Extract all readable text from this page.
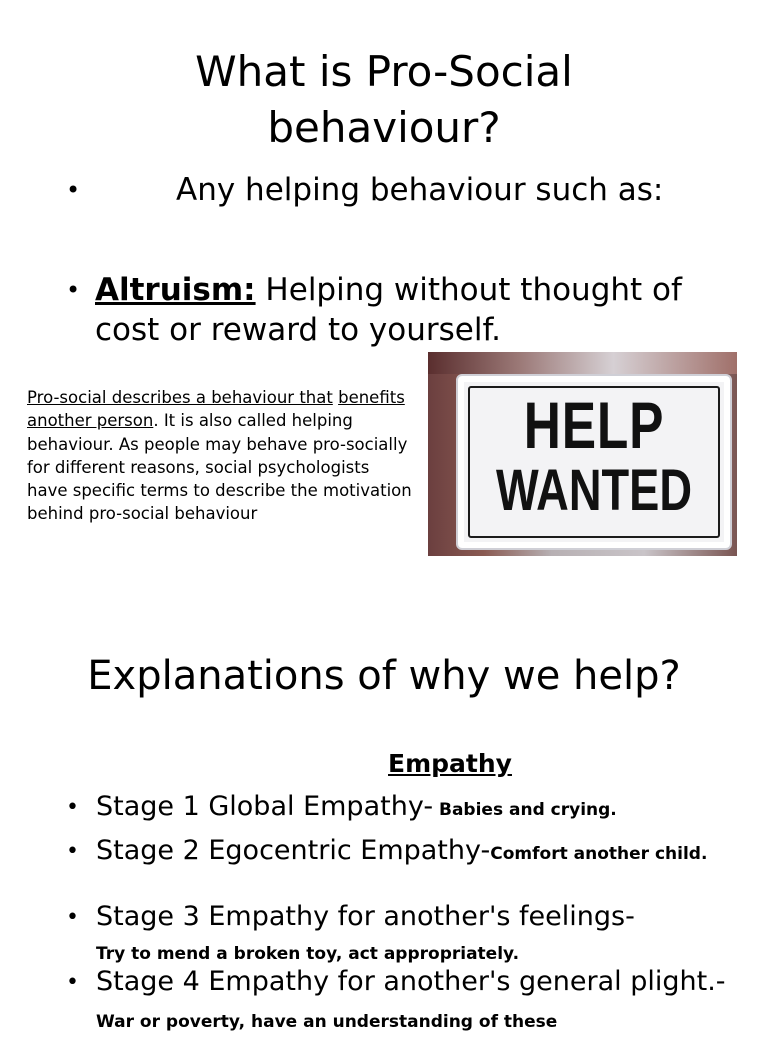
What is Pro-Social
behaviour?
•	Any helping behaviour such as:
• Altruism: Helping without thought of
cost or reward to yourself.
Pro-social describes a behaviour that benefits another person. It is also called helping behaviour. As people may behave pro-socially for different reasons, social psychologists have specific terms to describe the motivation behind pro-social behaviour
HELP
WANTED
Explanations of why we help?
Empathy
• Stage 1 Global Empathy- Babies and crying.
• Stage 2 Egocentric Empathy-Comfort another child.
• Stage 3 Empathy for another's feelings-
Try to mend a broken toy, act appropriately.
• Stage 4 Empathy for another's general plight.- War or poverty, have an understanding of these
